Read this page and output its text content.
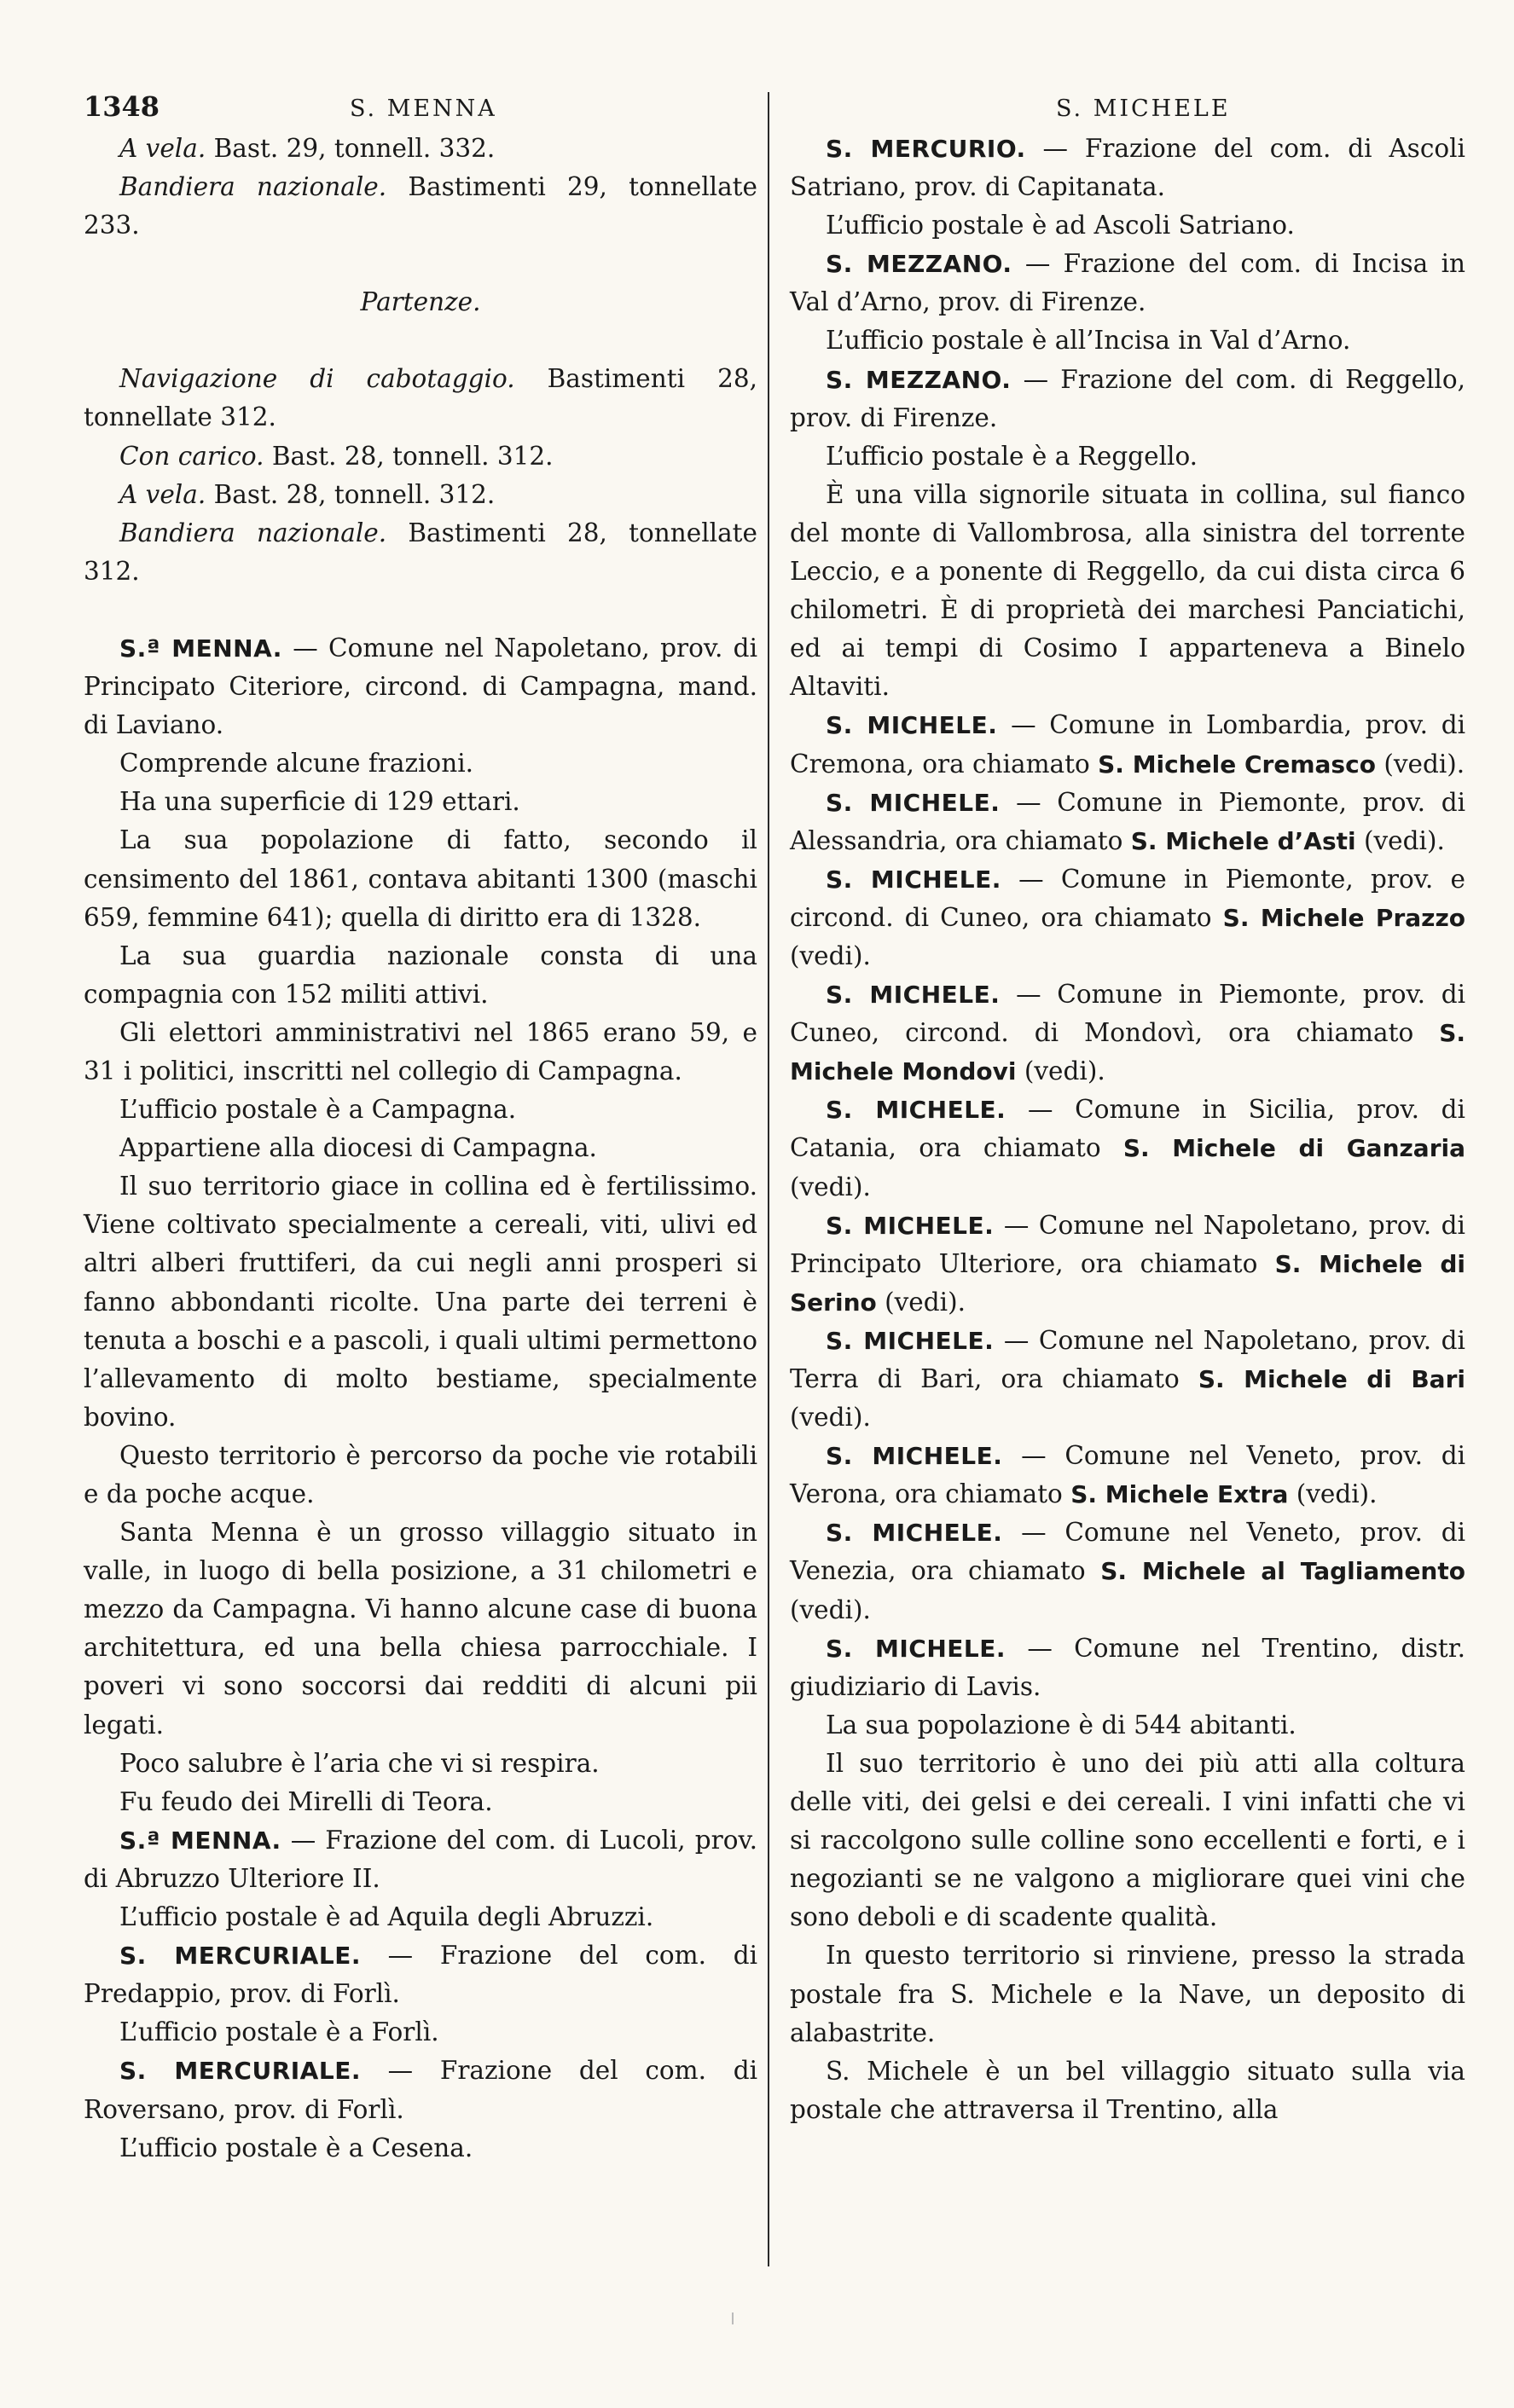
1348	S. MENNA	S. MICHELE

A vela. Bast. 29, tonnell. 332.

Bandiera nazionale. Bastimenti 29, tonnellate 233.

Partenze.

Navigazione di cabotaggio. Bastimenti 28, tonnellate 312.

Con carico. Bast. 28, tonnell. 312.

A vela. Bast. 28, tonnell. 312.

Bandiera nazionale. Bastimenti 28, tonnellate 312.

S.ª MENNA. — Comune nel Napoletano, prov. di Principato Citeriore, circond. di Campagna, mand. di Laviano.

Comprende alcune frazioni.

Ha una superficie di 129 ettari.

La sua popolazione di fatto, secondo il censimento del 1861, contava abitanti 1300 (maschi 659, femmine 641); quella di diritto era di 1328.

La sua guardia nazionale consta di una compagnia con 152 militi attivi.

Gli elettori amministrativi nel 1865 erano 59, e 31 i politici, inscritti nel collegio di Campagna.

L’ufficio postale è a Campagna.

Appartiene alla diocesi di Campagna.

Il suo territorio giace in collina ed è fertilissimo. Viene coltivato specialmente a cereali, viti, ulivi ed altri alberi fruttiferi, da cui negli anni prosperi si fanno abbondanti ricolte. Una parte dei terreni è tenuta a boschi e a pascoli, i quali ultimi permettono l’allevamento di molto bestiame, specialmente bovino.

Questo territorio è percorso da poche vie rotabili e da poche acque.

Santa Menna è un grosso villaggio situato in valle, in luogo di bella posizione, a 31 chilometri e mezzo da Campagna. Vi hanno alcune case di buona architettura, ed una bella chiesa parrocchiale. I poveri vi sono soccorsi dai redditi di alcuni pii legati.

Poco salubre è l’aria che vi si respira.

Fu feudo dei Mirelli di Teora.

S.ª MENNA. — Frazione del com. di Lucoli, prov. di Abruzzo Ulteriore II.

L’ufficio postale è ad Aquila degli Abruzzi.

S. MERCURIALE. — Frazione del com. di Predappio, prov. di Forlì.

L’ufficio postale è a Forlì.

S. MERCURIALE. — Frazione del com. di Roversano, prov. di Forlì.

L’ufficio postale è a Cesena.

S. MERCURIO. — Frazione del com. di Ascoli Satriano, prov. di Capitanata.

L’ufficio postale è ad Ascoli Satriano.

S. MEZZANO. — Frazione del com. di Incisa in Val d’Arno, prov. di Firenze.

L’ufficio postale è all’Incisa in Val d’Arno.

S. MEZZANO. — Frazione del com. di Reggello, prov. di Firenze.

L’ufficio postale è a Reggello.

È una villa signorile situata in collina, sul fianco del monte di Vallombrosa, alla sinistra del torrente Leccio, e a ponente di Reggello, da cui dista circa 6 chilometri. È di proprietà dei marchesi Panciatichi, ed ai tempi di Cosimo I apparteneva a Binelo Altaviti.

S. MICHELE. — Comune in Lombardia, prov. di Cremona, ora chiamato S. Michele Cremasco (vedi).

S. MICHELE. — Comune in Piemonte, prov. di Alessandria, ora chiamato S. Michele d’Asti (vedi).

S. MICHELE. — Comune in Piemonte, prov. e circond. di Cuneo, ora chiamato S. Michele Prazzo (vedi).

S. MICHELE. — Comune in Piemonte, prov. di Cuneo, circond. di Mondovì, ora chiamato S. Michele Mondovi (vedi).

S. MICHELE. — Comune in Sicilia, prov. di Catania, ora chiamato S. Michele di Ganzaria (vedi).

S. MICHELE. — Comune nel Napoletano, prov. di Principato Ulteriore, ora chiamato S. Michele di Serino (vedi).

S. MICHELE. — Comune nel Napoletano, prov. di Terra di Bari, ora chiamato S. Michele di Bari (vedi).

S. MICHELE. — Comune nel Veneto, prov. di Verona, ora chiamato S. Michele Extra (vedi).

S. MICHELE. — Comune nel Veneto, prov. di Venezia, ora chiamato S. Michele al Tagliamento (vedi).

S. MICHELE. — Comune nel Trentino, distr. giudiziario di Lavis.

La sua popolazione è di 544 abitanti.

Il suo territorio è uno dei più atti alla coltura delle viti, dei gelsi e dei cereali. I vini infatti che vi si raccolgono sulle colline sono eccellenti e forti, e i negozianti se ne valgono a migliorare quei vini che sono deboli e di scadente qualità.

In questo territorio si rinviene, presso la strada postale fra S. Michele e la Nave, un deposito di alabastrite.

S. Michele è un bel villaggio situato sulla via postale che attraversa il Trentino, alla
